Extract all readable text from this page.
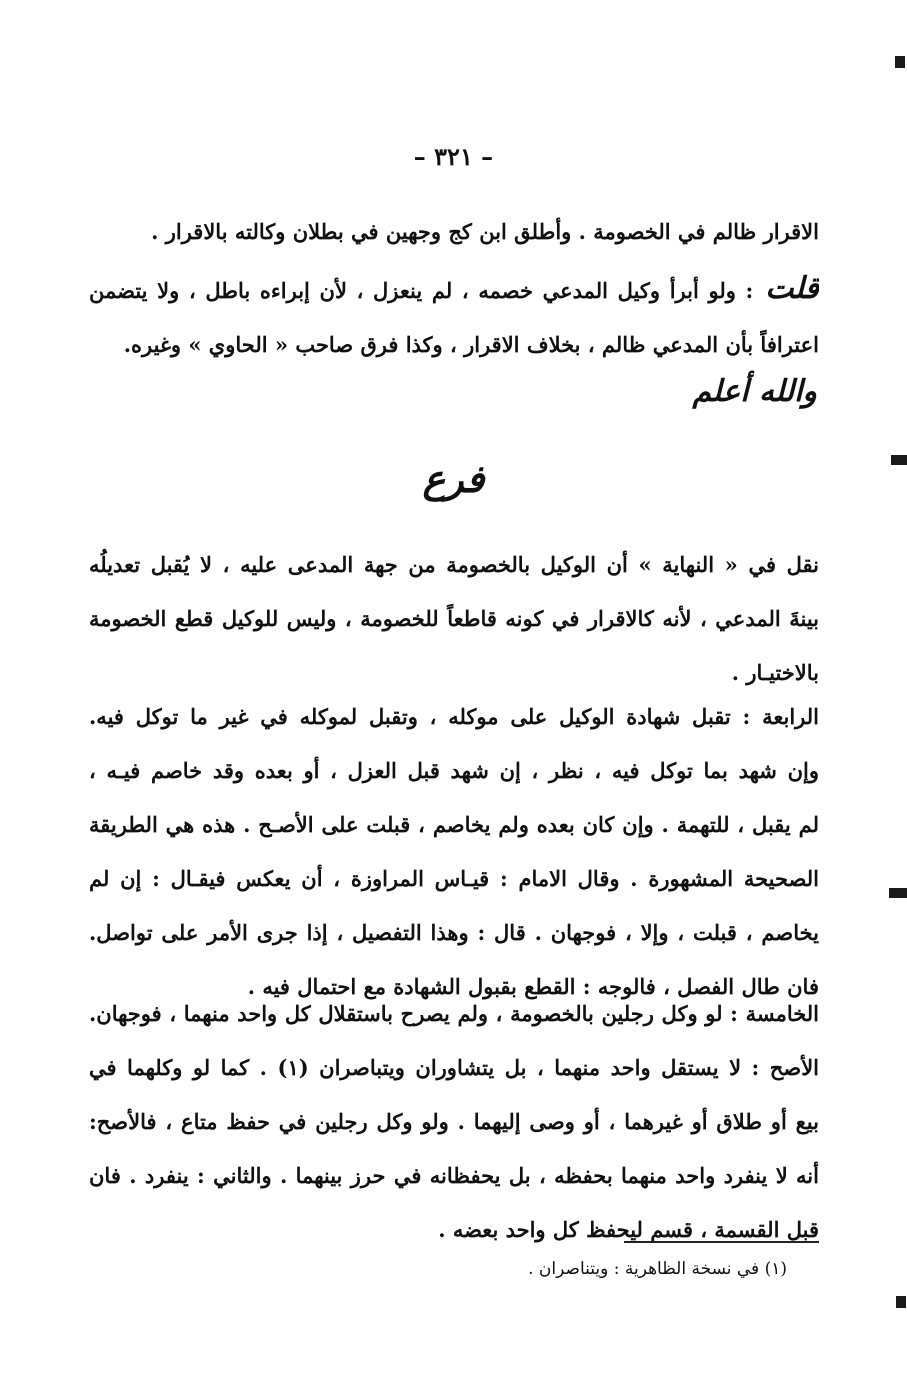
– ٣٢١ –
الاقرار ظالم في الخصومة . وأطلق ابن كج وجهين في بطلان وكالته بالاقرار .
قلت: ولو أبرأ وكيل المدعي خصمه ، لم ينعزل ، لأن إبراءه باطل ، ولا يتضمن
اعترافاً بأن المدعي ظالم ، بخلاف الاقرار ، وكذا فرق صاحب « الحاوي » وغيره.
والله أعلم
فرع
نقل في « النهاية » أن الوكيل بالخصومة من جهة المدعى عليه ، لا يُقبل تعديلُه
بينةَ المدعي ، لأنه كالاقرار في كونه قاطعاً للخصومة ، وليس للوكيل قطع الخصومة
بالاختيـار .
الرابعة : تقبل شهادة الوكيل على موكله ، وتقبل لموكله في غير ما توكل فيه.
وإن شهد بما توكل فيه ، نظر ، إن شهد قبل العزل ، أو بعده وقد خاصم فيـه ،
لم يقبل ، للتهمة . وإن كان بعده ولم يخاصم ، قبلت على الأصـح . هذه هي الطريقة
الصحيحة المشهورة . وقال الامام : قيـاس المراوزة ، أن يعكس فيقـال : إن لم
يخاصم ، قبلت ، وإلا ، فوجهان . قال : وهذا التفصيل ، إذا جرى الأمر على تواصل.
فان طال الفصل ، فالوجه : القطع بقبول الشهادة مع احتمال فيه .
الخامسة : لو وكل رجلين بالخصومة ، ولم يصرح باستقلال كل واحد منهما ، فوجهان.
الأصح : لا يستقل واحد منهما ، بل يتشاوران ويتباصران (١) . كما لو وكلهما في
بيع أو طلاق أو غيرهما ، أو وصى إليهما . ولو وكل رجلين في حفظ متاع ، فالأصح:
أنه لا ينفرد واحد منهما بحفظه ، بل يحفظانه في حرز بينهما . والثاني : ينفرد . فان
قبل القسمة ، قسم ليحفظ كل واحد بعضه .
(١) في نسخة الظاهرية : ويتناصران .
